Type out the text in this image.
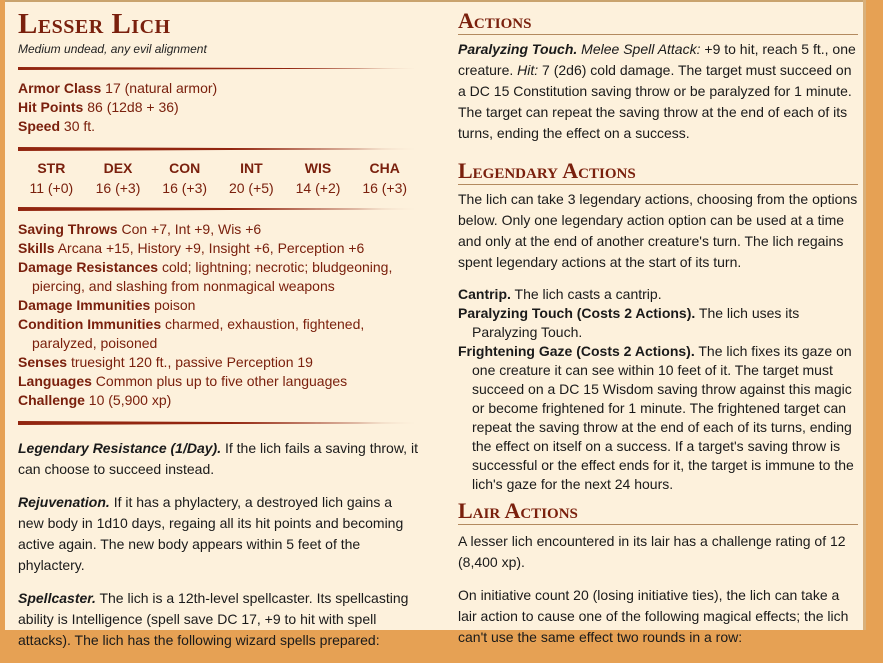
Lesser Lich

Medium undead, any evil alignment

Armor Class 17 (natural armor)
Hit Points 86 (12d8 + 36)
Speed 30 ft.
STR
11 (+0)
DEX
16 (+3)
CON
16 (+3)
INT
20 (+5)
WIS
14 (+2)
CHA
16 (+3)
Saving Throws Con +7, Int +9, Wis +6
Skills Arcana +15, History +9, Insight +6, Perception +6
Damage Resistances cold; lightning; necrotic; bludgeoning, piercing, and slashing from nonmagical weapons
Damage Immunities poison
Condition Immunities charmed, exhaustion, fightened, paralyzed, poisoned
Senses truesight 120 ft., passive Perception 19
Languages Common plus up to five other languages
Challenge 10 (5,900 xp)

Legendary Resistance (1/Day). If the lich fails a saving throw, it can choose to succeed instead.

Rejuvenation. If it has a phylactery, a destroyed lich gains a new body in 1d10 days, regaing all its hit points and becoming active again. The new body appears within 5 feet of the phylactery.

Spellcaster. The lich is a 12th-level spellcaster. Its spellcasting ability is Intelligence (spell save DC 17, +9 to hit with spell attacks). The lich has the following wizard spells prepared:

Actions

Paralyzing Touch. Melee Spell Attack: +9 to hit, reach 5 ft., one creature. Hit: 7 (2d6) cold damage. The target must succeed on a DC 15 Constitution saving throw or be paralyzed for 1 minute. The target can repeat the saving throw at the end of each of its turns, ending the effect on a success.

Legendary Actions

The lich can take 3 legendary actions, choosing from the options below. Only one legendary action option can be used at a time and only at the end of another creature's turn. The lich regains spent legendary actions at the start of its turn.

Cantrip. The lich casts a cantrip.

Paralyzing Touch (Costs 2 Actions). The lich uses its Paralyzing Touch.

Frightening Gaze (Costs 2 Actions). The lich fixes its gaze on one creature it can see within 10 feet of it. The target must succeed on a DC 15 Wisdom saving throw against this magic or become frightened for 1 minute. The frightened target can repeat the saving throw at the end of each of its turns, ending the effect on itself on a success. If a target's saving throw is successful or the effect ends for it, the target is immune to the lich's gaze for the next 24 hours.

Lair Actions

A lesser lich encountered in its lair has a challenge rating of 12 (8,400 xp).

On initiative count 20 (losing initiative ties), the lich can take a lair action to cause one of the following magical effects; the lich can't use the same effect two rounds in a row:
